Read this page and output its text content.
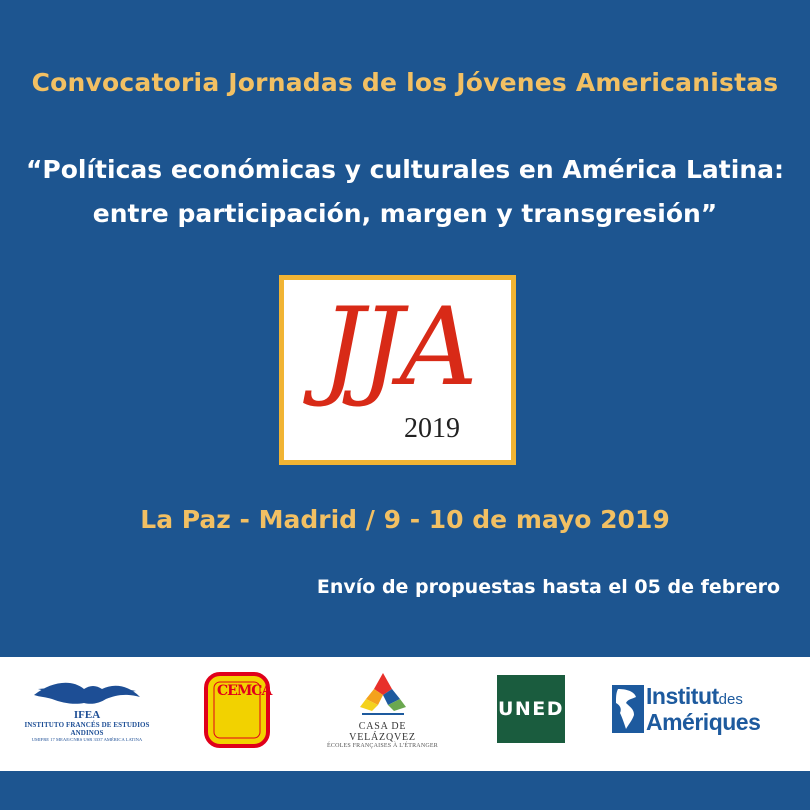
Convocatoria Jornadas de los Jóvenes Americanistas
“Políticas económicas y culturales en América Latina:
entre participación, margen y transgresión”
JJA
2019
La Paz - Madrid / 9 - 10 de mayo 2019
Envío de propuestas hasta el 05 de febrero
IFEA
INSTITUTO FRANCÉS DE ESTUDIOS ANDINOS
UMIFRE 17 MEAE/CNRS USR 3337 AMÉRICA LATINA
CEMCA
CASA DE VELÁZQVEZ
ÉCOLES FRANÇAISES À L'ÉTRANGER
UNED	Institutdes
Amériques
